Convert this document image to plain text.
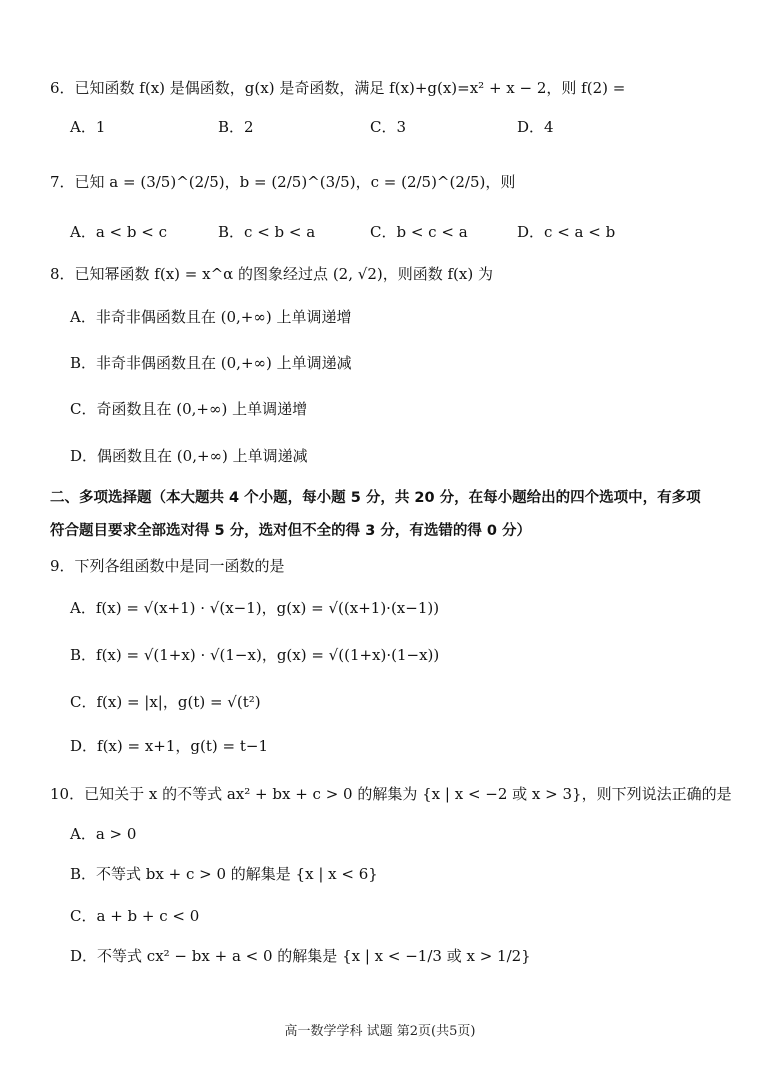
6．已知函数 f(x) 是偶函数，g(x) 是奇函数，满足 f(x)+g(x)=x² + x − 2，则 f(2) =
A．1	B．2	C．3	D．4
7．已知 a = (3/5)^(2/5)，b = (2/5)^(3/5)，c = (2/5)^(2/5)，则
A．a < b < c	B．c < b < a	C．b < c < a	D．c < a < b
8．已知幂函数 f(x) = x^α 的图象经过点 (2, √2)，则函数 f(x) 为
A．非奇非偶函数且在 (0,+∞) 上单调递增
B．非奇非偶函数且在 (0,+∞) 上单调递减
C．奇函数且在 (0,+∞) 上单调递增
D．偶函数且在 (0,+∞) 上单调递减
二、多项选择题（本大题共 4 个小题，每小题 5 分，共 20 分，在每小题给出的四个选项中，有多项
符合题目要求全部选对得 5 分，选对但不全的得 3 分，有选错的得 0 分）
9．下列各组函数中是同一函数的是
A．f(x) = √(x+1) · √(x−1)，g(x) = √((x+1)·(x−1))
B．f(x) = √(1+x) · √(1−x)，g(x) = √((1+x)·(1−x))
C．f(x) = |x|，g(t) = √(t²)
D．f(x) = x+1，g(t) = t−1
10．已知关于 x 的不等式 ax² + bx + c > 0 的解集为 {x | x < −2 或 x > 3}，则下列说法正确的是
A．a > 0
B．不等式 bx + c > 0 的解集是 {x | x < 6}
C．a + b + c < 0
D．不等式 cx² − bx + a < 0 的解集是 {x | x < −1/3 或 x > 1/2}
高一数学学科 试题 第2页(共5页)
